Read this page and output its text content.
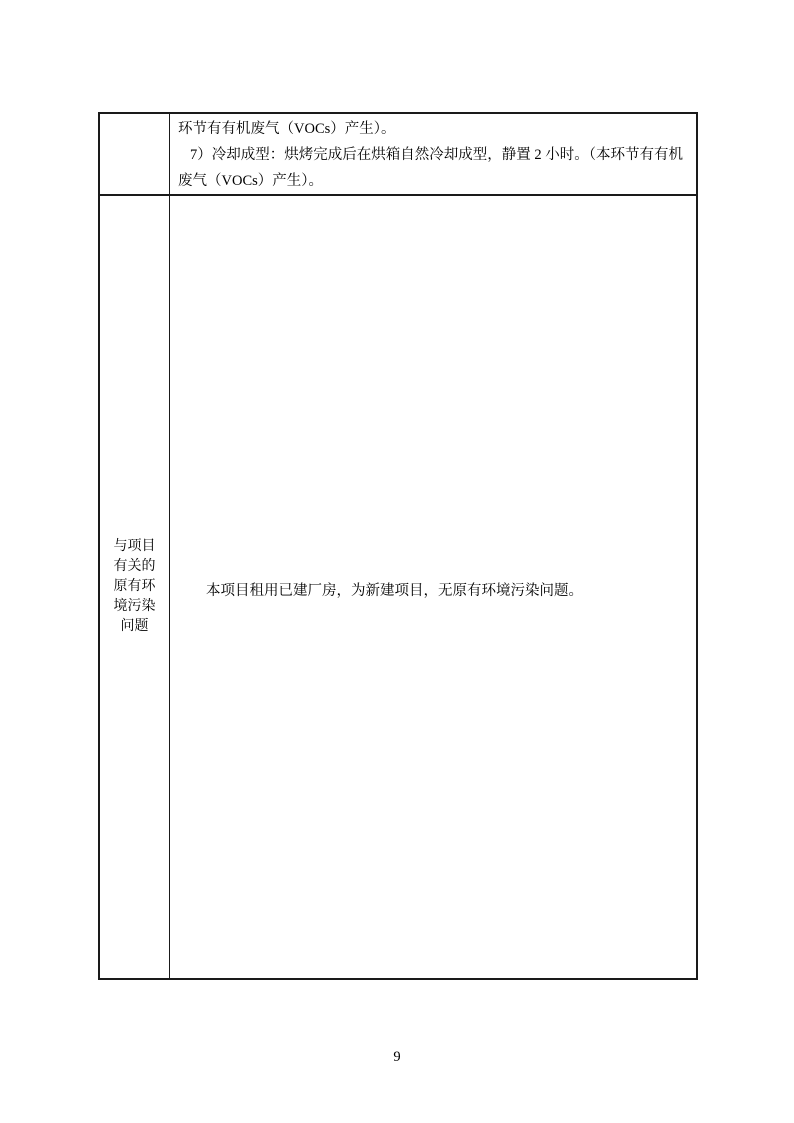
环节有有机废气（VOCs）产生）。
7）冷却成型：烘烤完成后在烘箱自然冷却成型，静置 2 小时。（本环节有有机
废气（VOCs）产生）。
与项目
有关的
原有环
境污染
问题

本项目租用已建厂房，为新建项目，无原有环境污染问题。

9
